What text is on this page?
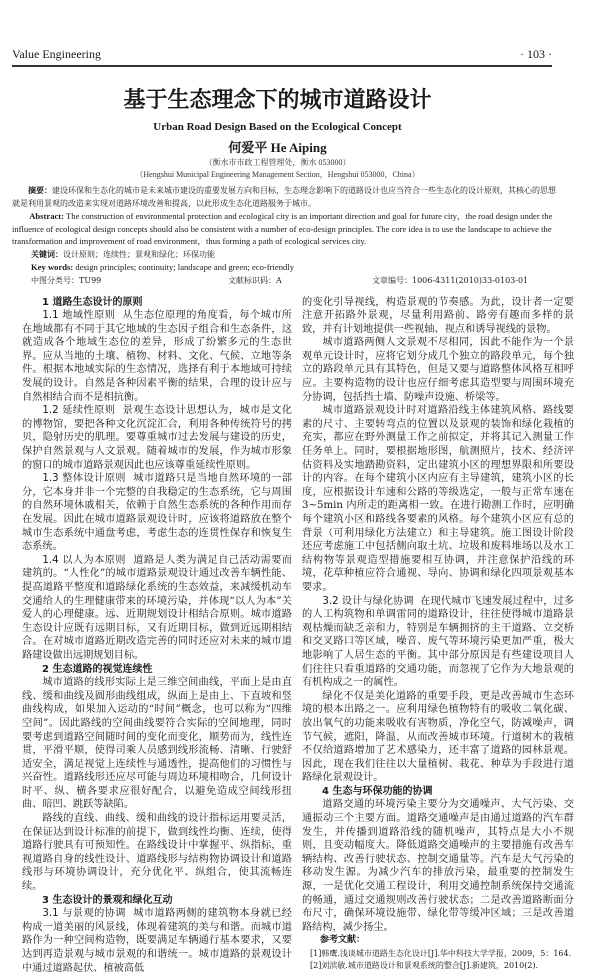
Value Engineering	· 103 ·
基于生态理念下的城市道路设计
Urban Road Design Based on the Ecological Concept
何爱平 He Aiping
（衡水市市政工程管理处，衡水 053000）
（Hengshui Municipal Engineering Management Section，Hengshui 053000，China）
摘要：建设环保和生态化的城市是未来城市建设的重要发展方向和目标，生态理念影响下的道路设计也应当符合一些生态化的设计原则，其核心的思想就是利用景观的改造来实现对道路环境改善和提高，以此形成生态化道路服务于城市。
Abstract: The construction of environmental protection and ecological city is an important direction and goal for future city，the road design under the influence of ecological design concepts should also be consistent with a number of eco-design principles. The core idea is to use the landscape to achieve the transformation and improvement of road environment，thus forming a path of ecological services city.
关键词：设计原则；连续性；景观和绿化；环保功能
Key words: design principles; continuity; landscape and green; eco-friendly
中图分类号：TU99	文献标识码：A	文章编号：1006-4311(2010)33-0103-01

1 道路生态设计的原则

1.1 地域性原则 从生态位原理的角度看，每个城市所在地域都有不同于其它地域的生态因子组合和生态条件，这就造成各个地域生态位的差异，形成了纷繁多元的生态世界。应从当地的土壤、植物、材料、文化、气候、立地等条件。根据本地域实际的生态情况，选择有利于本地域可持续发展的设计。自然是各种因素平衡的结果，合理的设计应与自然相结合而不是相抗衡。

1.2 延续性原则 景观生态设计思想认为，城市是文化的博物馆，要把各种文化沉淀汇合，利用各种传统符号的拷贝，隐射历史的肌理。要尊重城市过去发展与建设的历史，保护自然景观与人文景观。随着城市的发展，作为城市形象的窗口的城市道路景观因此也应该尊重延续性原则。

1.3 整体设计原则 城市道路只是当地自然环境的一部分，它本身并非一个完整的自我稳定的生态系统，它与周围的自然环境休戚相关，依赖于自然生态系统的各种作用而存在发展。因此在城市道路景观设计时，应该将道路放在整个城市生态系统中通盘考虑，考虑生态的连贯性保存和恢复生态系统。

1.4 以人为本原则 道路是人类为满足自己活动需要而建筑的。“人性化”的城市道路景观设计通过改善车辆性能、提高道路平整度和道路绿化系统的生态效益，来减缓机动车交通给人的生理健康带来的环境污染，并体现“以人为本”关爱人的心理健康。远、近期规划设计相结合原则。城市道路生态设计应既有远期目标，又有近期目标，做到近远期相结合。在对城市道路近期改造完善的同时还应对未来的城市道路建设做出远期规划目标。

2 生态道路的视觉连续性

城市道路的线形实际上是三维空间曲线，平面上是由直线、缓和曲线及圆形曲线组成，纵面上是由上、下直坡和竖曲线构成，如果加入运动的“时间”概念，也可以称为“四维空间”。因此路线的空间曲线要符合实际的空间地理，同时要考虑到道路空间随时间的变化而变化，顺势而为，线性连贯，平滑平顺，使得司乘人员感到线形流畅、清晰、行驶舒适安全，满足视觉上连续性与通透性，提高他们的习惯性与兴奋性。道路线形还应尽可能与周边环境相吻合，几何设计时平、纵、横各要求应很好配合，以避免造成空间线形扭曲、暗凹、跳跃等缺陷。

路线的直线、曲线、缓和曲线的设计指标运用要灵活，在保证达到设计标准的前提下，做到线性均衡、连续，使得道路行驶具有可预知性。在路线设计中掌握平、纵指标，重视道路自身的线性设计、道路线形与结构物协调设计和道路线形与环境协调设计，充分优化平、纵组合，使其流畅连续。

3 生态设计的景观和绿化互动

3.1 与景观的协调 城市道路两侧的建筑物本身就已经构成一道美丽的风景线，体现着建筑的美与和谐。而城市道路作为一种空间构造物，既要满足车辆通行基本要求，又要达到再造景观与城市景观的和谐统一。城市道路的景观设计中通过道路起伏、植被高低

的变化引导视线，构造景观的节奏感。为此，设计者一定要注意开拓路外景观，尽量利用路前、路旁有趣而多样的景致，并有计划地提供一些视轴、视点和诱导视线的景物。

城市道路两侧人文景观不尽相同，因此不能作为一个景观单元设计时，应将它划分成几个独立的路段单元，每个独立的路段单元具有其特色，但是又要与道路整体风格互相呼应。主要构造物的设计也应仔细考虑其造型要与周围环境充分协调，包括挡土墙、防噪声设施、桥梁等。

城市道路景观设计时对道路沿线主体建筑风格、路线要素的尺寸、主要转弯点的位置以及景观的装饰和绿化栽植的充实，都应在野外测量工作之前拟定，并将其记入测量工作任务单上。同时，要根据地形图，航测照片，技术、经济评估资料及实地踏勘资料，定出建筑小区的理想界限和所要设计的内容。在每个建筑小区内应有主导建筑，建筑小区的长度，应根据设计车速和公路的等级选定，一般与正常车速在 3~5min 内所走的距离相一致。在进行勘测工作时，应明确每个建筑小区和路线各要素的风格。每个建筑小区应有总的背景（可利用绿化方法建立）和主导建筑。施工图设计阶段还应考虑施工中包括侧向取土坑、垃圾和废料堆场以及水工结构物等景观造型措施要相互协调，并注意保护沿线的环境，花草种植应符合通视、导向、协调和绿化四项景观基本要求。

3.2 设计与绿化协调 在现代城市飞速发展过程中，过多的人工构筑物和单调雷同的道路设计，往往使得城市道路景观枯燥而缺乏亲和力，特别是车辆拥挤的主干道路、立交桥和交叉路口等区域，噪音、废气等环境污染更加严重，极大地影响了人居生态的平衡。其中部分原因是有些建设项目人们往往只看重道路的交通功能，而忽视了它作为大地景观的有机构成之一的属性。

绿化不仅是美化道路的重要手段，更是改善城市生态环境的根本出路之一。应利用绿色植物特有的吸收二氧化碳、放出氧气的功能来吸收有害物质，净化空气，防减噪声，调节气候，遮阳，降温，从而改善城市环境。行道树木的栽植不仅给道路增加了艺术感染力，还丰富了道路的园林景观。因此，现在我们往往以大量植树、栽花、种草为手段进行道路绿化景观设计。

4 生态与环保功能的协调

道路交通的环境污染主要分为交通噪声、大气污染、交通振动三个主要方面。道路交通噪声是由通过道路的汽车群发生，并传播到道路沿线的随机噪声，其特点是大小不规则，且变动幅度大。降低道路交通噪声的主要措施有改善车辆结构、改善行驶状态、控制交通量等。汽车是大气污染的移动发生源。为减少汽车的排放污染，最重要的控制发生源，一是优化交通工程设计，利用交通控制系统保持交通流的畅通，通过交通规则改善行驶状态；二是改善道路断面分布尺寸，确保环境设施带、绿化带等缓冲区域；三是改善道路结构，减少扬尘。

参考文献：

[1]韩鹰.浅谈城市道路生态化设计[J].华中科技大学学报，2009，5：164.

[2]刘滨敏.城市道路设计和景观系统的整合[J].新建筑，2010(2).
